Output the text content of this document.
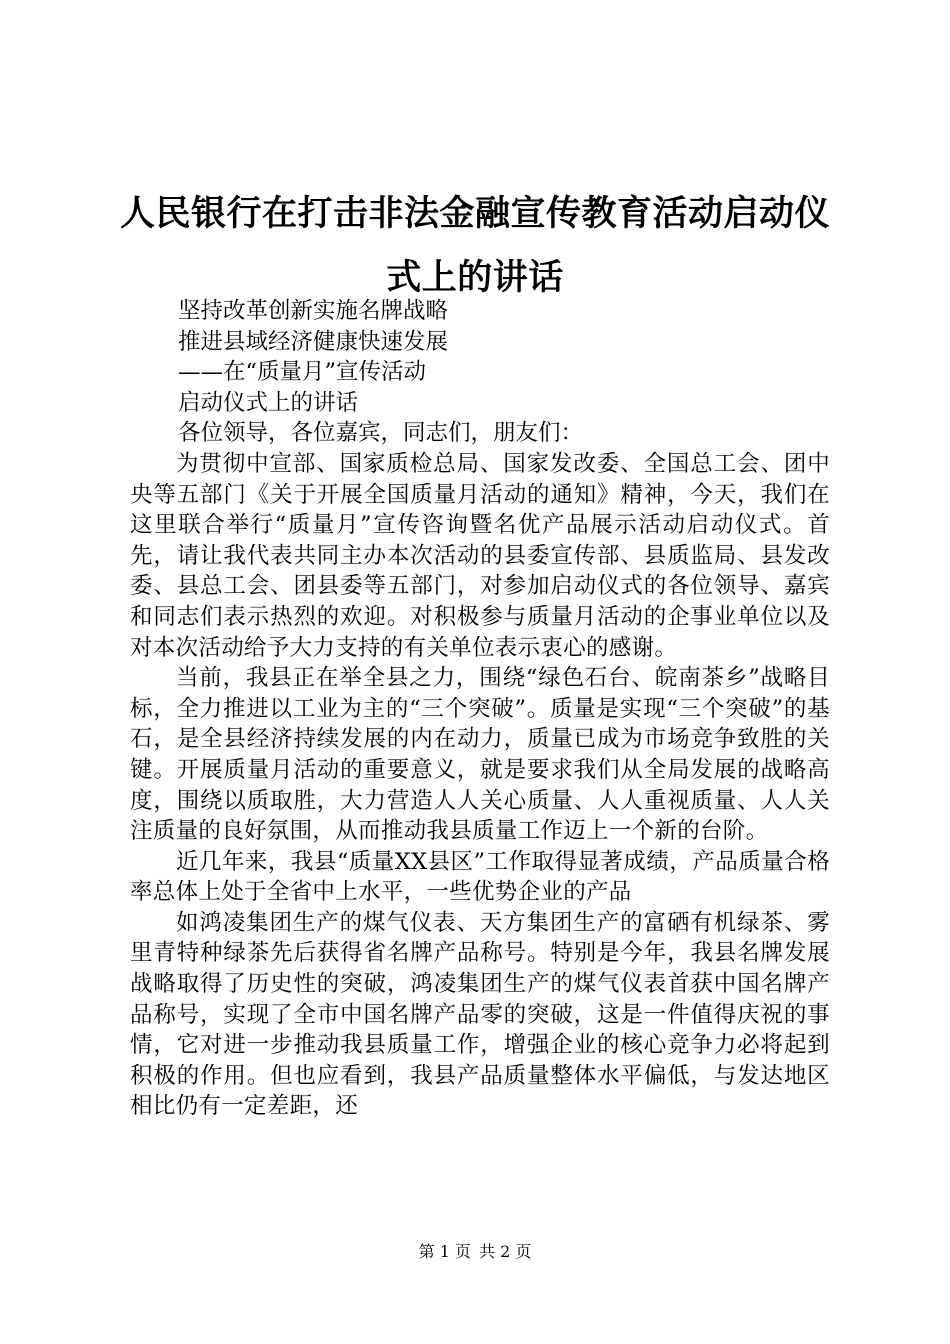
人民银行在打击非法金融宣传教育活动启动仪
式上的讲话
坚持改革创新实施名牌战略
推进县域经济健康快速发展
——在“质量月”宣传活动
启动仪式上的讲话
各位领导，各位嘉宾，同志们，朋友们：

为贯彻中宣部、国家质检总局、国家发改委、全国总工会、团中央等五部门《关于开展全国质量月活动的通知》精神，今天，我们在这里联合举行“质量月”宣传咨询暨名优产品展示活动启动仪式。首先，请让我代表共同主办本次活动的县委宣传部、县质监局、县发改委、县总工会、团县委等五部门，对参加启动仪式的各位领导、嘉宾和同志们表示热烈的欢迎。对积极参与质量月活动的企事业单位以及对本次活动给予大力支持的有关单位表示衷心的感谢。

当前，我县正在举全县之力，围绕“绿色石台、皖南茶乡”战略目标，全力推进以工业为主的“三个突破”。质量是实现“三个突破”的基石，是全县经济持续发展的内在动力，质量已成为市场竞争致胜的关键。开展质量月活动的重要意义，就是要求我们从全局发展的战略高度，围绕以质取胜，大力营造人人关心质量、人人重视质量、人人关注质量的良好氛围，从而推动我县质量工作迈上一个新的台阶。

近几年来，我县“质量XX县区”工作取得显著成绩，产品质量合格率总体上处于全省中上水平，一些优势企业的产品

如鸿凌集团生产的煤气仪表、天方集团生产的富硒有机绿茶、雾里青特种绿茶先后获得省名牌产品称号。特别是今年，我县名牌发展战略取得了历史性的突破，鸿凌集团生产的煤气仪表首获中国名牌产品称号，实现了全市中国名牌产品零的突破，这是一件值得庆祝的事情，它对进一步推动我县质量工作，增强企业的核心竞争力必将起到积极的作用。但也应看到，我县产品质量整体水平偏低，与发达地区相比仍有一定差距，还

第 1 页 共 2 页
